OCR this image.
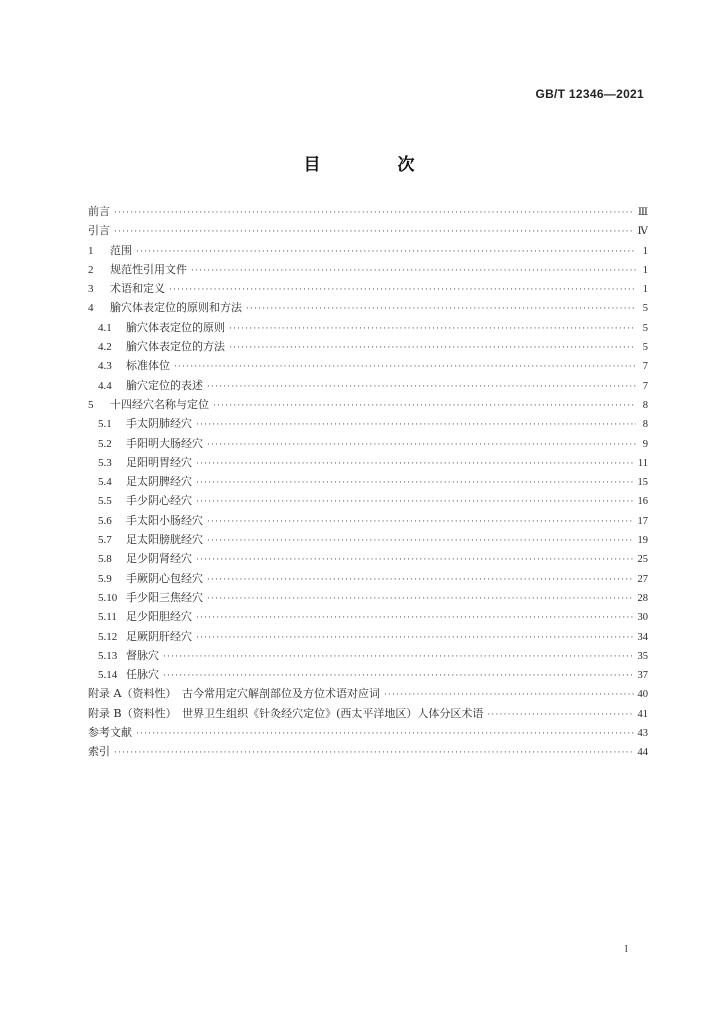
GB/T 12346—2021
目　次
前言 ·····	Ⅲ
引言 ·····	Ⅳ
1	范围 ·····	1
2	规范性引用文件 ·····	1
3	术语和定义 ·····	1
4	腧穴体表定位的原则和方法 ·····	5
4.1	腧穴体表定位的原则 ·····	5
4.2	腧穴体表定位的方法 ·····	5
4.3	标准体位 ·····	7
4.4	腧穴定位的表述 ·····	7
5	十四经穴名称与定位 ·····	8
5.1	手太阴肺经穴 ·····	8
5.2	手阳明大肠经穴 ·····	9
5.3	足阳明胃经穴 ·····	11
5.4	足太阴脾经穴 ·····	15
5.5	手少阴心经穴 ·····	16
5.6	手太阳小肠经穴 ·····	17
5.7	足太阳膀胱经穴 ·····	19
5.8	足少阴肾经穴 ·····	25
5.9	手厥阴心包经穴 ·····	27
5.10 手少阳三焦经穴 ·····	28
5.11 足少阳胆经穴 ·····	30
5.12 足厥阴肝经穴 ·····	34
5.13 督脉穴 ·····	35
5.14 任脉穴 ·····	37
附录 A（资料性）　古今常用定穴解剖部位及方位术语对应词 ·····	40
附录 B（资料性）　世界卫生组织《针灸经穴定位》(西太平洋地区）人体分区术语 ·····	41
参考文献 ·····	43
索引 ·····	44
I
